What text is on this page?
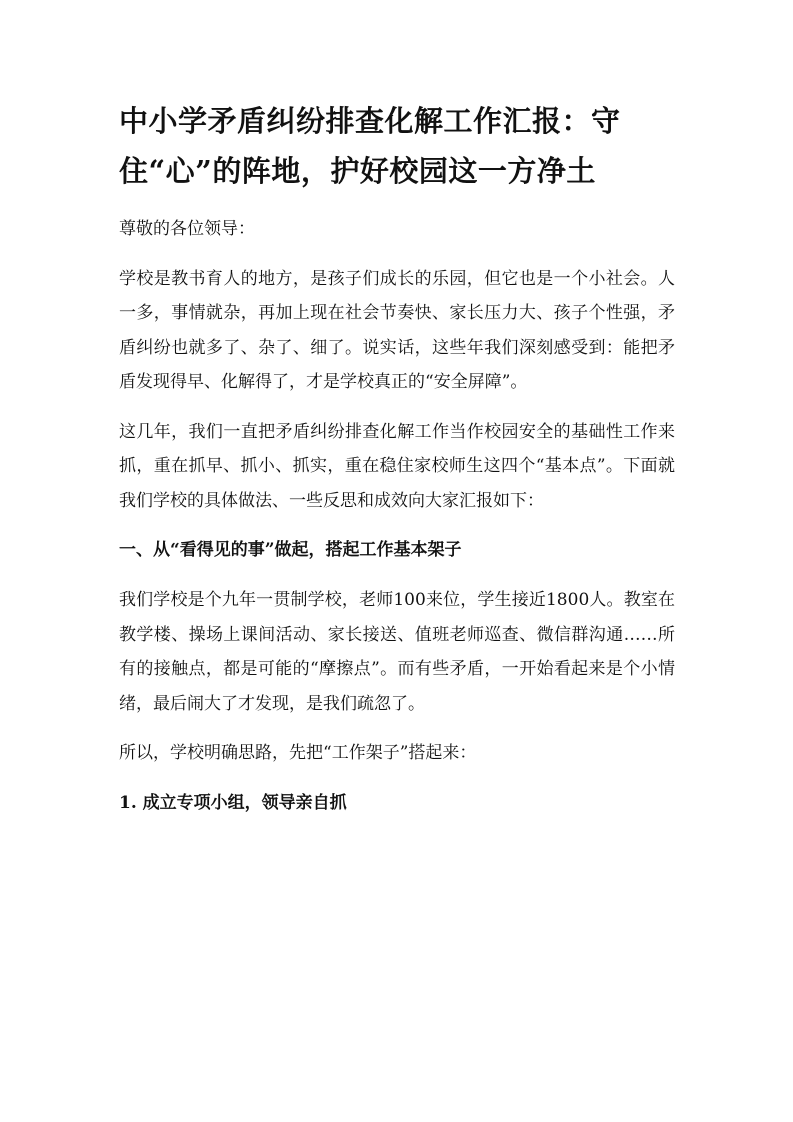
中小学矛盾纠纷排查化解工作汇报：守住“心”的阵地，护好校园这一方净土

尊敬的各位领导：

学校是教书育人的地方，是孩子们成长的乐园，但它也是一个小社会。人一多，事情就杂，再加上现在社会节奏快、家长压力大、孩子个性强，矛盾纠纷也就多了、杂了、细了。说实话，这些年我们深刻感受到：能把矛盾发现得早、化解得了，才是学校真正的“安全屏障”。

这几年，我们一直把矛盾纠纷排查化解工作当作校园安全的基础性工作来抓，重在抓早、抓小、抓实，重在稳住家校师生这四个“基本点”。下面就我们学校的具体做法、一些反思和成效向大家汇报如下：

一、从“看得见的事”做起，搭起工作基本架子

我们学校是个九年一贯制学校，老师100来位，学生接近1800人。教室在教学楼、操场上课间活动、家长接送、值班老师巡查、微信群沟通……所有的接触点，都是可能的“摩擦点”。而有些矛盾，一开始看起来是个小情绪，最后闹大了才发现，是我们疏忽了。

所以，学校明确思路，先把“工作架子”搭起来：

1. 成立专项小组，领导亲自抓
